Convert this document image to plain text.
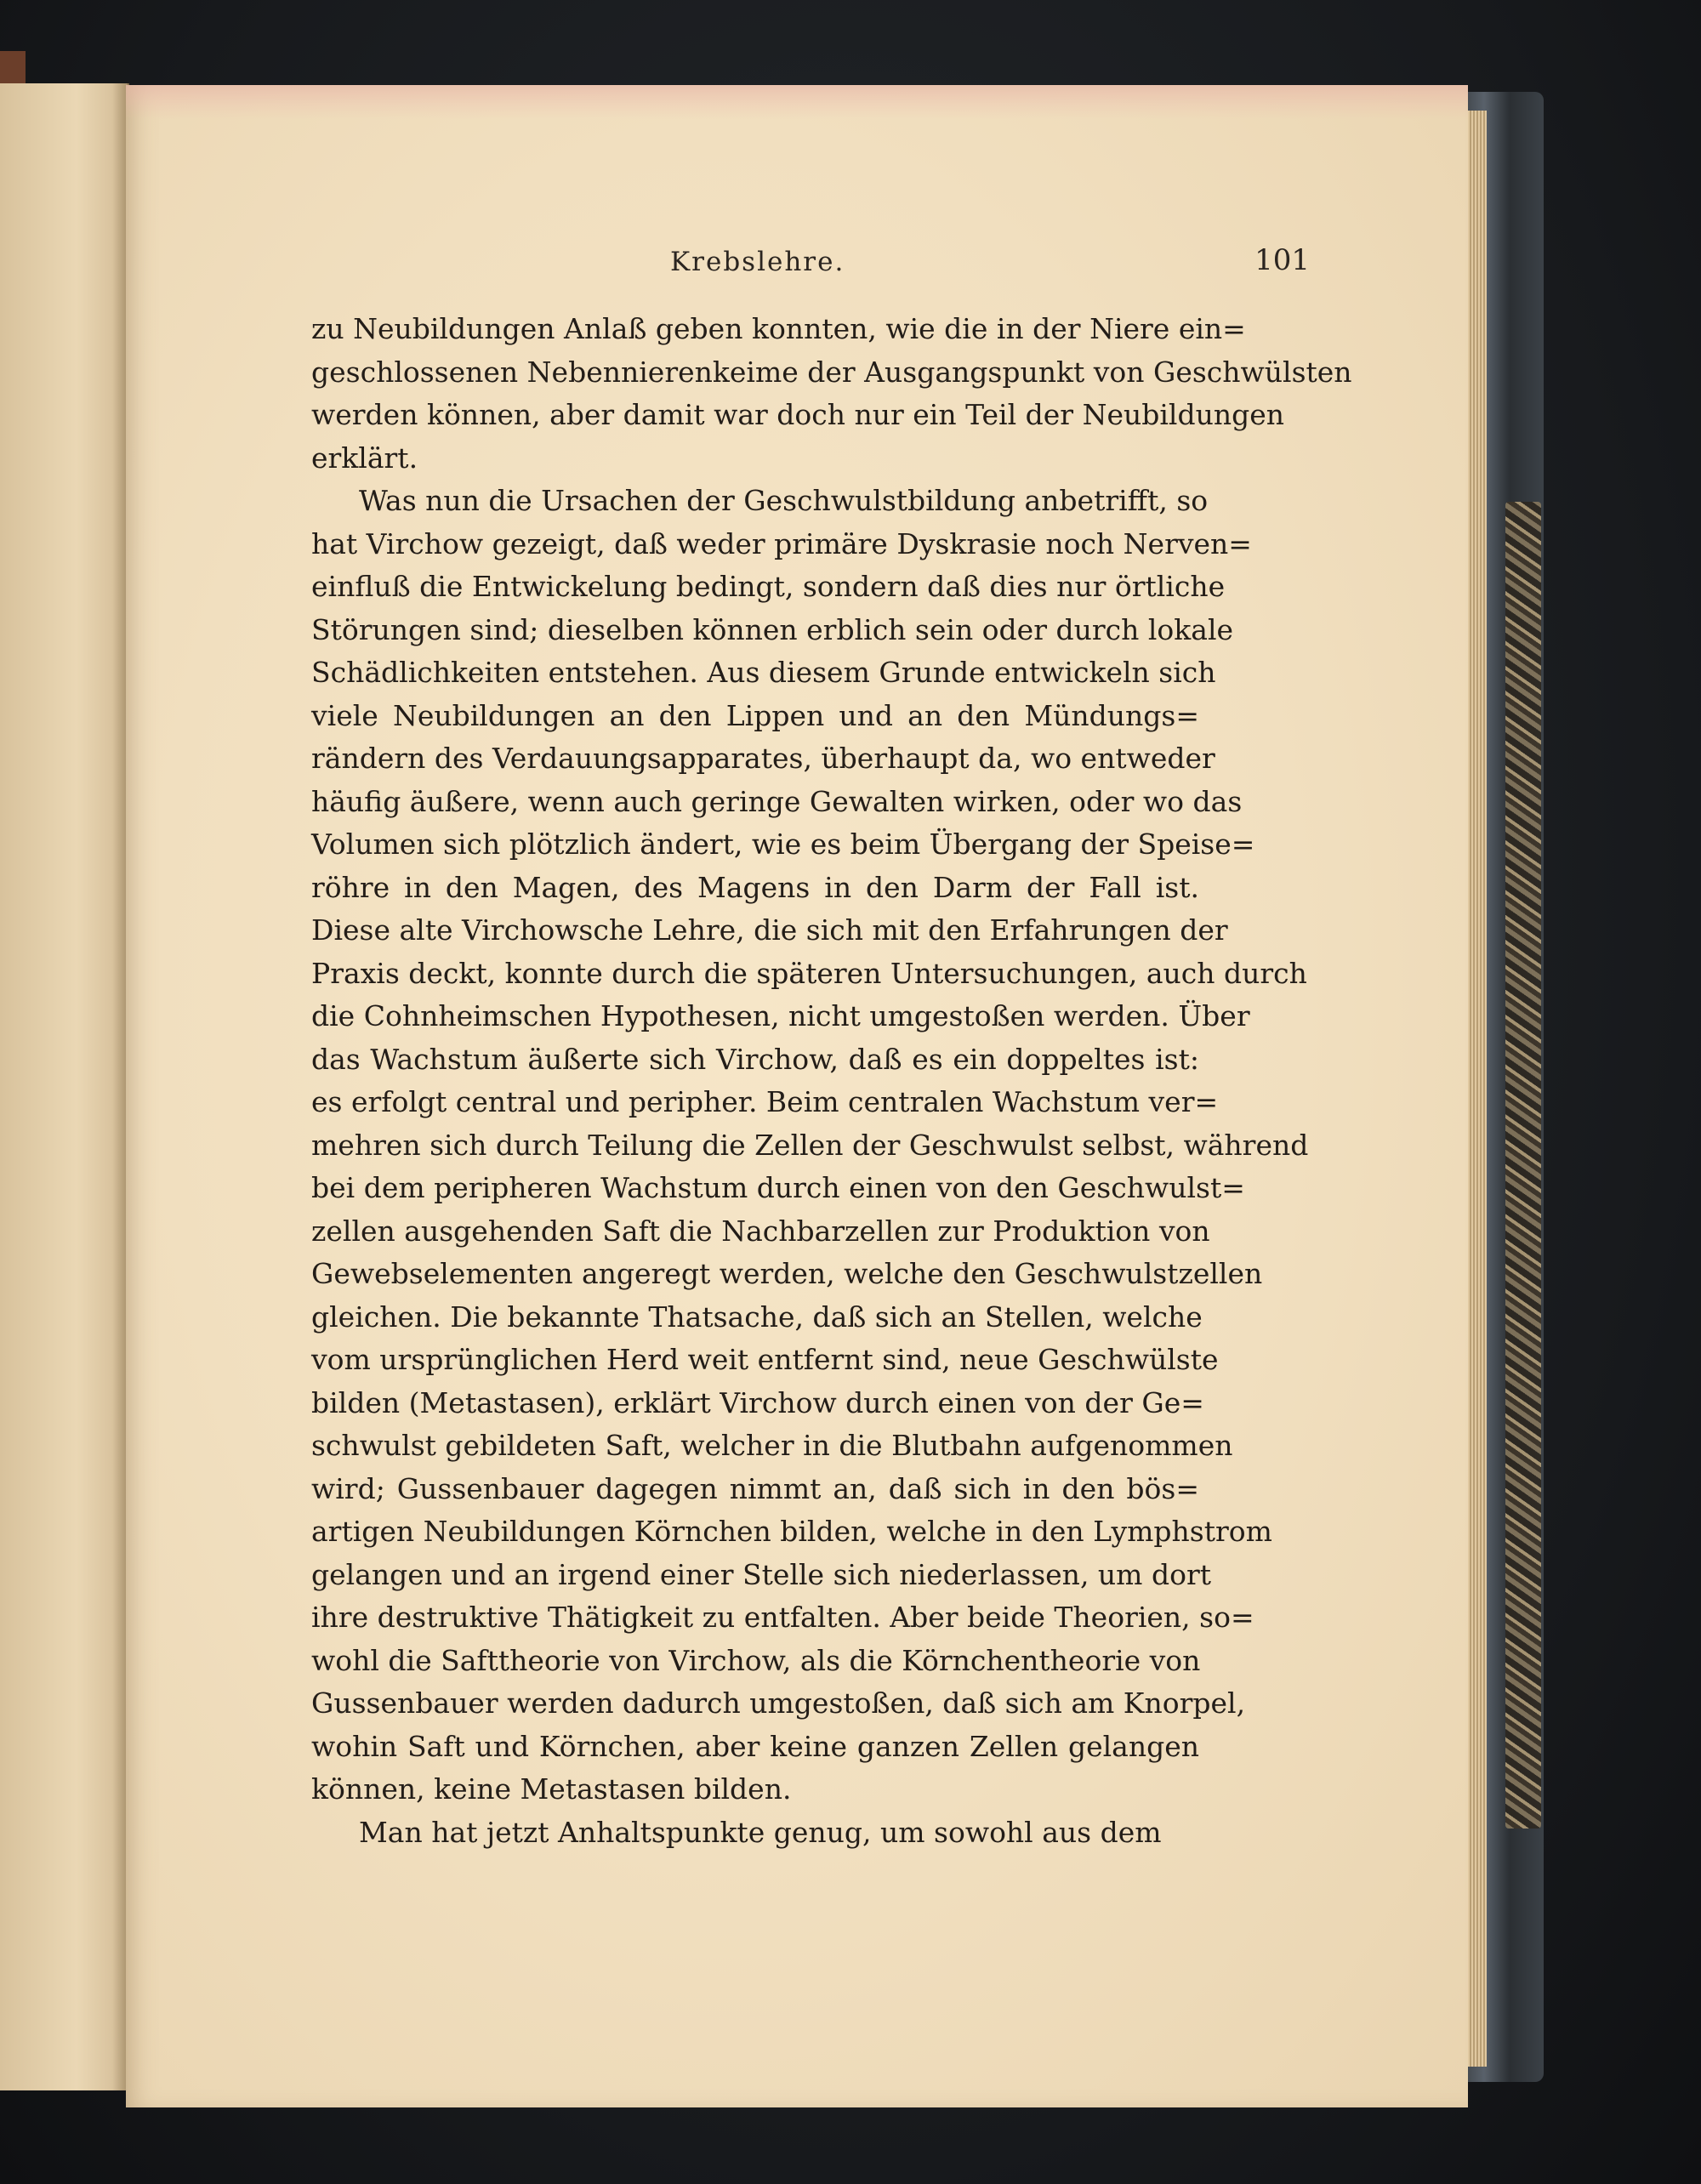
Krebslehre.	101
zu Neubildungen Anlaß geben konnten, wie die in der Niere ein=
geschlossenen Nebennierenkeime der Ausgangspunkt von Geschwülsten
werden können, aber damit war doch nur ein Teil der Neubildungen
erklärt.
Was nun die Ursachen der Geschwulstbildung anbetrifft, so
hat Virchow gezeigt, daß weder primäre Dyskrasie noch Nerven=
einfluß die Entwickelung bedingt, sondern daß dies nur örtliche
Störungen sind; dieselben können erblich sein oder durch lokale
Schädlichkeiten entstehen. Aus diesem Grunde entwickeln sich
viele Neubildungen an den Lippen und an den Mündungs=
rändern des Verdauungsapparates, überhaupt da, wo entweder
häufig äußere, wenn auch geringe Gewalten wirken, oder wo das
Volumen sich plötzlich ändert, wie es beim Übergang der Speise=
röhre in den Magen, des Magens in den Darm der Fall ist.
Diese alte Virchowsche Lehre, die sich mit den Erfahrungen der
Praxis deckt, konnte durch die späteren Untersuchungen, auch durch
die Cohnheimschen Hypothesen, nicht umgestoßen werden. Über
das Wachstum äußerte sich Virchow, daß es ein doppeltes ist:
es erfolgt central und peripher. Beim centralen Wachstum ver=
mehren sich durch Teilung die Zellen der Geschwulst selbst, während
bei dem peripheren Wachstum durch einen von den Geschwulst=
zellen ausgehenden Saft die Nachbarzellen zur Produktion von
Gewebselementen angeregt werden, welche den Geschwulstzellen
gleichen. Die bekannte Thatsache, daß sich an Stellen, welche
vom ursprünglichen Herd weit entfernt sind, neue Geschwülste
bilden (Metastasen), erklärt Virchow durch einen von der Ge=
schwulst gebildeten Saft, welcher in die Blutbahn aufgenommen
wird; Gussenbauer dagegen nimmt an, daß sich in den bös=
artigen Neubildungen Körnchen bilden, welche in den Lymphstrom
gelangen und an irgend einer Stelle sich niederlassen, um dort
ihre destruktive Thätigkeit zu entfalten. Aber beide Theorien, so=
wohl die Safttheorie von Virchow, als die Körnchentheorie von
Gussenbauer werden dadurch umgestoßen, daß sich am Knorpel,
wohin Saft und Körnchen, aber keine ganzen Zellen gelangen
können, keine Metastasen bilden.
Man hat jetzt Anhaltspunkte genug, um sowohl aus dem
